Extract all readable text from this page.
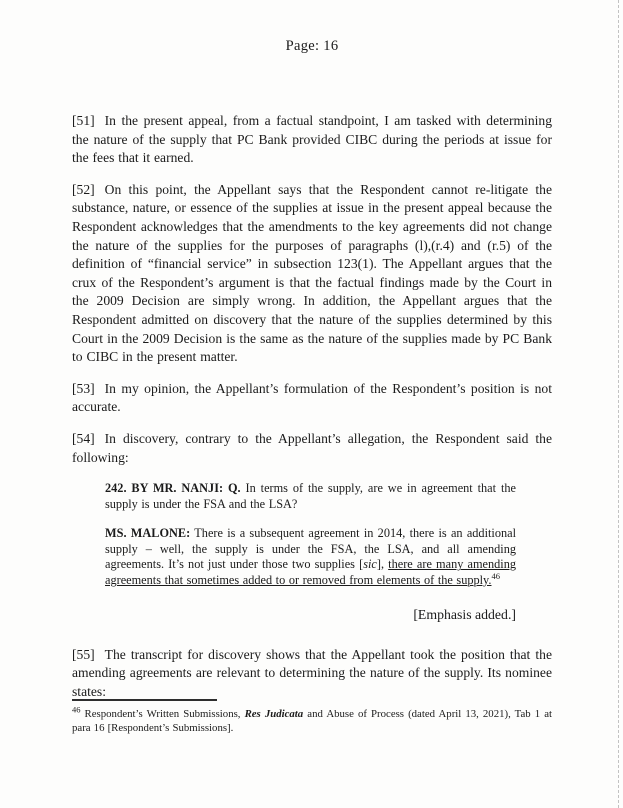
Page: 16

[51] In the present appeal, from a factual standpoint, I am tasked with determining the nature of the supply that PC Bank provided CIBC during the periods at issue for the fees that it earned.

[52] On this point, the Appellant says that the Respondent cannot re-litigate the substance, nature, or essence of the supplies at issue in the present appeal because the Respondent acknowledges that the amendments to the key agreements did not change the nature of the supplies for the purposes of paragraphs (l),(r.4) and (r.5) of the definition of “financial service” in subsection 123(1). The Appellant argues that the crux of the Respondent’s argument is that the factual findings made by the Court in the 2009 Decision are simply wrong. In addition, the Appellant argues that the Respondent admitted on discovery that the nature of the supplies determined by this Court in the 2009 Decision is the same as the nature of the supplies made by PC Bank to CIBC in the present matter.

[53] In my opinion, the Appellant’s formulation of the Respondent’s position is not accurate.

[54] In discovery, contrary to the Appellant’s allegation, the Respondent said the following:

242. BY MR. NANJI: Q. In terms of the supply, are we in agreement that the supply is under the FSA and the LSA?
MS. MALONE: There is a subsequent agreement in 2014, there is an additional supply – well, the supply is under the FSA, the LSA, and all amending agreements. It’s not just under those two supplies [sic], there are many amending agreements that sometimes added to or removed from elements of the supply.$^{46}$
[Emphasis added.]

[55] The transcript for discovery shows that the Appellant took the position that the amending agreements are relevant to determining the nature of the supply. Its nominee states:

$^{46}$ Respondent’s Written Submissions, Res Judicata and Abuse of Process (dated April 13, 2021), Tab 1 at para 16 [Respondent’s Submissions].
